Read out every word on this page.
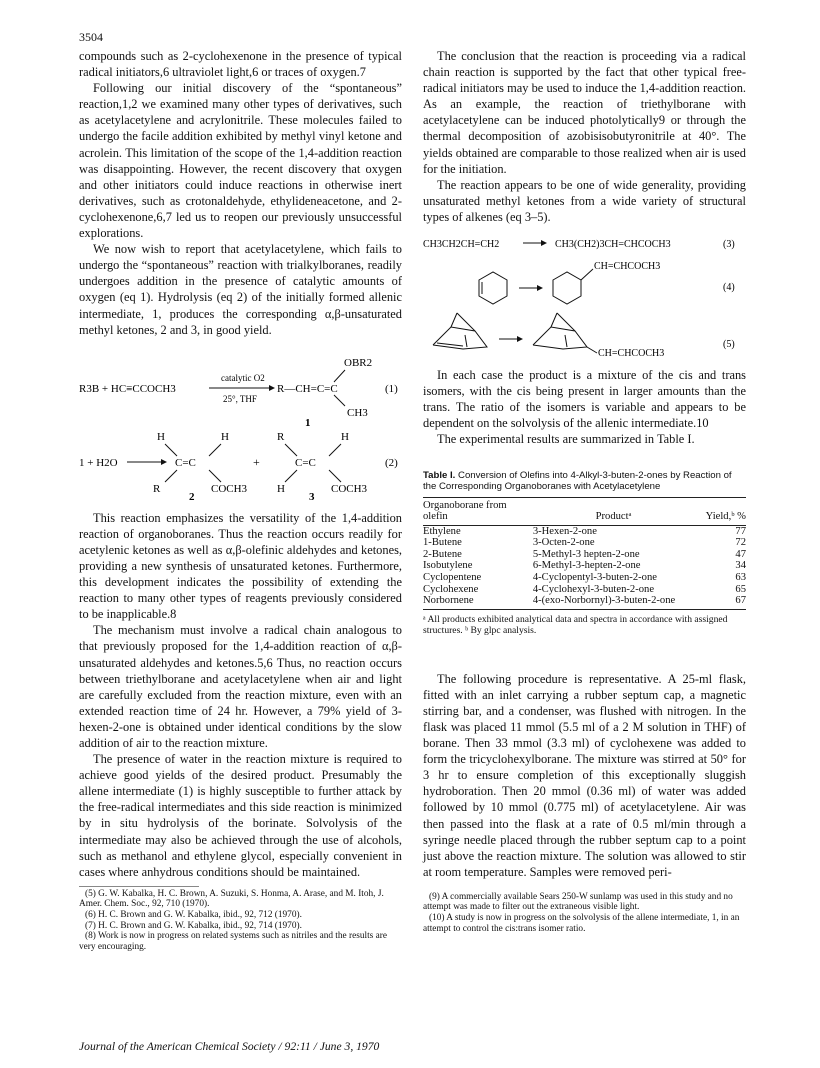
3504

compounds such as 2-cyclohexenone in the presence of typical radical initiators,6 ultraviolet light,6 or traces of oxygen.7

Following our initial discovery of the “spontaneous” reaction,1,2 we examined many other types of derivatives, such as acetylacetylene and acrylonitrile. These molecules failed to undergo the facile addition exhibited by methyl vinyl ketone and acrolein. This limitation of the scope of the 1,4-addition reaction was disappointing. However, the recent discovery that oxygen and other initiators could induce reactions in otherwise inert derivatives, such as crotonaldehyde, ethylideneacetone, and 2-cyclohexenone,6,7 led us to reopen our previously unsuccessful explorations.

We now wish to report that acetylacetylene, which fails to undergo the “spontaneous” reaction with trialkylboranes, readily undergoes addition in the presence of catalytic amounts of oxygen (eq 1). Hydrolysis (eq 2) of the initially formed allenic intermediate, 1, produces the corresponding α,β-unsaturated methyl ketones, 2 and 3, in good yield.

R3B + HC≡CCOCH3
catalytic O2
25°, THF
R—CH=C=C
OBR2
CH3
(1)
1
H	H
1 + H2O	C=C
R	COCH3
2
+
R	H
C=C
H	COCH3
3
(2)

This reaction emphasizes the versatility of the 1,4-addition reaction of organoboranes. Thus the reaction occurs readily for acetylenic ketones as well as α,β-olefinic aldehydes and ketones, providing a new synthesis of unsaturated ketones. Furthermore, this development indicates the possibility of extending the reaction to many other types of reagents previously considered to be inapplicable.8

The mechanism must involve a radical chain analogous to that previously proposed for the 1,4-addition reaction of α,β-unsaturated aldehydes and ketones.5,6 Thus, no reaction occurs between triethylborane and acetylacetylene when air and light are carefully excluded from the reaction mixture, even with an extended reaction time of 24 hr. However, a 79% yield of 3-hexen-2-one is obtained under identical conditions by the slow addition of air to the reaction mixture.

The presence of water in the reaction mixture is required to achieve good yields of the desired product. Presumably the allene intermediate (1) is highly susceptible to further attack by the free-radical intermediates and this side reaction is minimized by in situ hydrolysis of the borinate. Solvolysis of the intermediate may also be achieved through the use of alcohols, such as methanol and ethylene glycol, especially convenient in cases where anhydrous conditions should be maintained.

(5) G. W. Kabalka, H. C. Brown, A. Suzuki, S. Honma, A. Arase, and M. Itoh, J. Amer. Chem. Soc., 92, 710 (1970).
(6) H. C. Brown and G. W. Kabalka, ibid., 92, 712 (1970).
(7) H. C. Brown and G. W. Kabalka, ibid., 92, 714 (1970).
(8) Work is now in progress on related systems such as nitriles and the results are very encouraging.

The conclusion that the reaction is proceeding via a radical chain reaction is supported by the fact that other typical free-radical initiators may be used to induce the 1,4-addition reaction. As an example, the reaction of triethylborane with acetylacetylene can be induced photolytically9 or through the thermal decomposition of azobisisobutyronitrile at 40°. The yields obtained are comparable to those realized when air is used for the initiation.

The reaction appears to be one of wide generality, providing unsaturated methyl ketones from a wide variety of structural types of alkenes (eq 3–5).

CH3CH2CH=CH2	CH3(CH2)3CH=CHCOCH3	(3)
CH=CHCOCH3
(4)
CH=CHCOCH3
(5)

In each case the product is a mixture of the cis and trans isomers, with the cis being present in larger amounts than the trans. The ratio of the isomers is variable and appears to be dependent on the solvolysis of the allenic intermediate.10

The experimental results are summarized in Table I.

Table I. Conversion of Olefins into 4-Alkyl-3-buten-2-ones by Reaction of the Corresponding Organoboranes with Acetylacetylene
Organoborane from olefin	Productᵃ	Yield,ᵇ %
Ethylene	3-Hexen-2-one	77
1-Butene	3-Octen-2-one	72
2-Butene	5-Methyl-3 hepten-2-one	47
Isobutylene	6-Methyl-3-hepten-2-one	34
Cyclopentene	4-Cyclopentyl-3-buten-2-one	63
Cyclohexene	4-Cyclohexyl-3-buten-2-one	65
Norbornene	4-(exo-Norbornyl)-3-buten-2-one	67
ᵃ All products exhibited analytical data and spectra in accordance with assigned structures. ᵇ By glpc analysis.

The following procedure is representative. A 25-ml flask, fitted with an inlet carrying a rubber septum cap, a magnetic stirring bar, and a condenser, was flushed with nitrogen. In the flask was placed 11 mmol (5.5 ml of a 2 M solution in THF) of borane. Then 33 mmol (3.3 ml) of cyclohexene was added to form the tricyclohexylborane. The mixture was stirred at 50° for 3 hr to ensure completion of this exceptionally sluggish hydroboration. Then 20 mmol (0.36 ml) of water was added followed by 10 mmol (0.775 ml) of acetylacetylene. Air was then passed into the flask at a rate of 0.5 ml/min through a syringe needle placed through the rubber septum cap to a point just above the reaction mixture. The solution was allowed to stir at room temperature. Samples were removed peri-

(9) A commercially available Sears 250-W sunlamp was used in this study and no attempt was made to filter out the extraneous visible light.
(10) A study is now in progress on the solvolysis of the allene intermediate, 1, in an attempt to control the cis:trans isomer ratio.
Journal of the American Chemical Society / 92:11 / June 3, 1970
